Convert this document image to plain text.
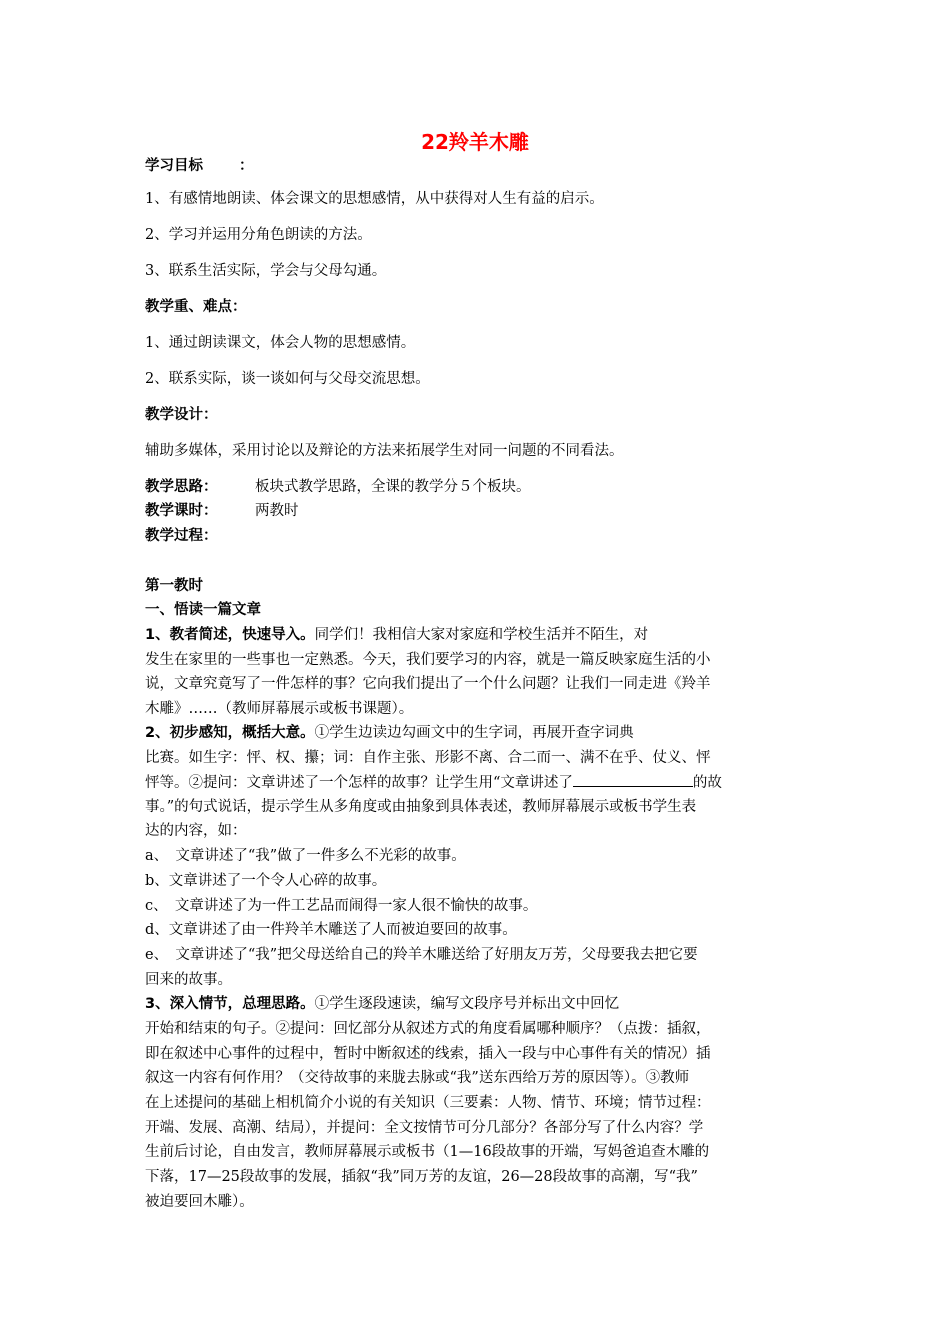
22羚羊木雕
学习目标 ：
1、有感情地朗读、体会课文的思想感情，从中获得对人生有益的启示。
2、学习并运用分角色朗读的方法。
3、联系生活实际，学会与父母勾通。
教学重、难点：
1、通过朗读课文，体会人物的思想感情。
2、联系实际，谈一谈如何与父母交流思想。
教学设计：
辅助多媒体，采用讨论以及辩论的方法来拓展学生对同一问题的不同看法。
教学思路：	板块式教学思路，全课的教学分５个板块。
教学课时：	两教时
教学过程：
第一教时
一、悟读一篇文章
1、教者简述，快速导入。同学们！我相信大家对家庭和学校生活并不陌生，对
发生在家里的一些事也一定熟悉。今天，我们要学习的内容，就是一篇反映家庭生活的小
说，文章究竟写了一件怎样的事？它向我们提出了一个什么问题？让我们一同走进《羚羊
木雕》……（教师屏幕展示或板书课题）。
2、初步感知，概括大意。①学生边读边勾画文中的生字词，再展开查字词典
比赛。如生字：怦、权、攥；词：自作主张、形影不离、合二而一、满不在乎、仗义、怦
怦等。②提问：文章讲述了一个怎样的故事？让学生用“文章讲述了	的故
事。”的句式说话，提示学生从多角度或由抽象到具体表述，教师屏幕展示或板书学生表
达的内容，如：
a、　文章讲述了“我”做了一件多么不光彩的故事。
b、文章讲述了一个令人心碎的故事。
c、　文章讲述了为一件工艺品而闹得一家人很不愉快的故事。
d、文章讲述了由一件羚羊木雕送了人而被迫要回的故事。
e、　文章讲述了“我”把父母送给自己的羚羊木雕送给了好朋友万芳，父母要我去把它要
回来的故事。
3、深入情节，总理思路。①学生逐段速读，编写文段序号并标出文中回忆
开始和结束的句子。②提问：回忆部分从叙述方式的角度看属哪种顺序？（点拨：插叙，
即在叙述中心事件的过程中，暂时中断叙述的线索，插入一段与中心事件有关的情况）插
叙这一内容有何作用？（交待故事的来胧去脉或“我”送东西给万芳的原因等）。③教师
在上述提问的基础上相机简介小说的有关知识（三要素：人物、情节、环境；情节过程：
开端、发展、高潮、结局），并提问：全文按情节可分几部分？各部分写了什么内容？学
生前后讨论，自由发言，教师屏幕展示或板书（1—16段故事的开端，写妈爸追查木雕的
下落，17—25段故事的发展，插叙“我”同万芳的友谊，26—28段故事的高潮，写“我”
被迫要回木雕）。
